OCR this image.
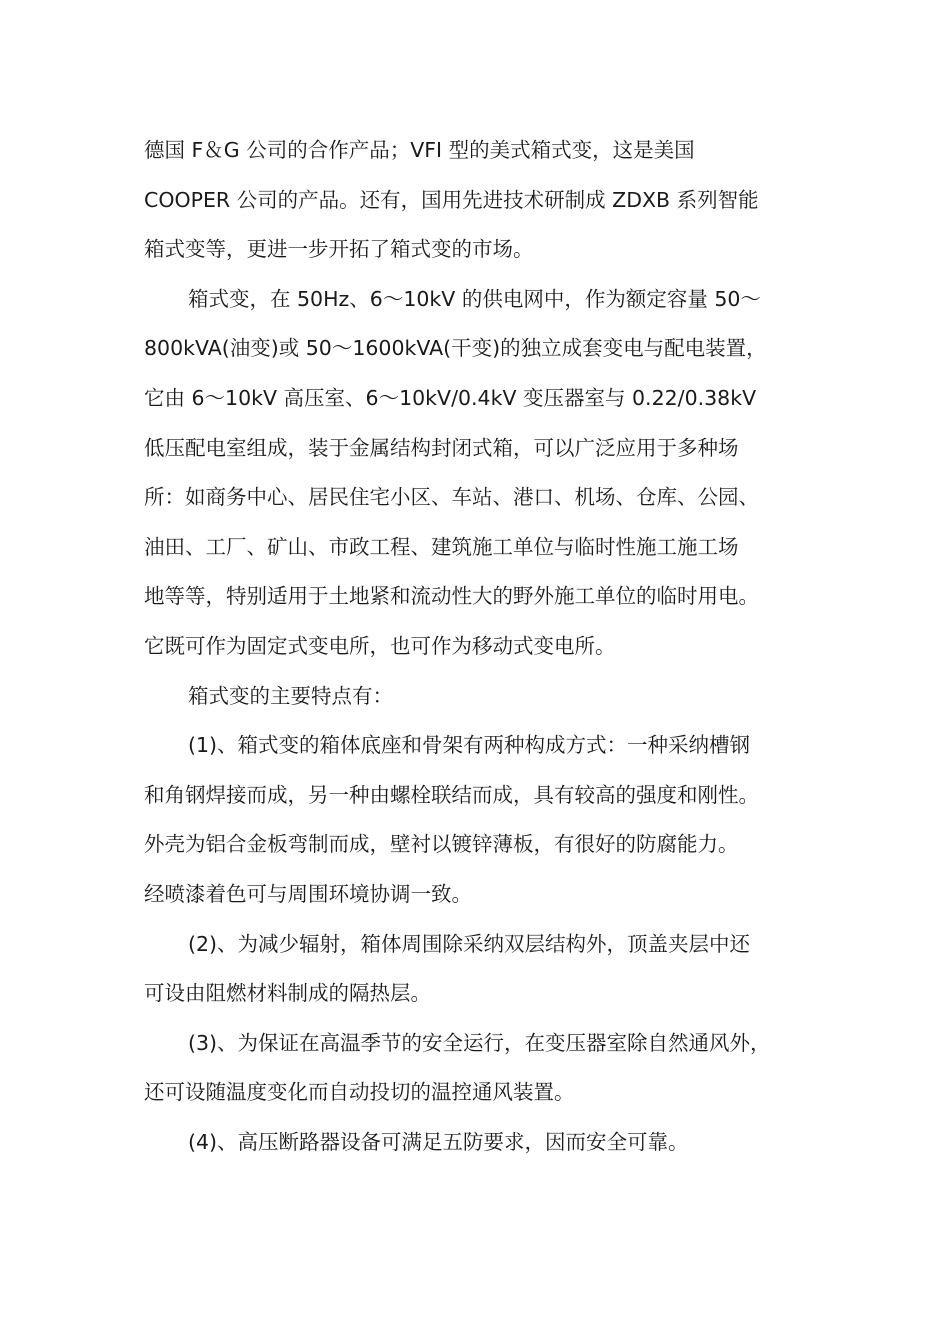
德国 F＆G 公司的合作产品；VFI 型的美式箱式变，这是美国
COOPER 公司的产品。还有，国用先进技术研制成 ZDXB 系列智能
箱式变等，更进一步开拓了箱式变的市场。
箱式变，在 50Hz、6～10kV 的供电网中，作为额定容量 50～
800kVA(油变)或 50～1600kVA(干变)的独立成套变电与配电装置，
它由 6～10kV 高压室、6～10kV/0.4kV 变压器室与 0.22/0.38kV
低压配电室组成，装于金属结构封闭式箱，可以广泛应用于多种场
所：如商务中心、居民住宅小区、车站、港口、机场、仓库、公园、
油田、工厂、矿山、市政工程、建筑施工单位与临时性施工施工场
地等等，特别适用于土地紧和流动性大的野外施工单位的临时用电。
它既可作为固定式变电所，也可作为移动式变电所。
箱式变的主要特点有：
(1)、箱式变的箱体底座和骨架有两种构成方式：一种采纳槽钢
和角钢焊接而成，另一种由螺栓联结而成，具有较高的强度和刚性。
外壳为铝合金板弯制而成，壁衬以镀锌薄板，有很好的防腐能力。
经喷漆着色可与周围环境协调一致。
(2)、为减少辐射，箱体周围除采纳双层结构外，顶盖夹层中还
可设由阻燃材料制成的隔热层。
(3)、为保证在高温季节的安全运行，在变压器室除自然通风外，
还可设随温度变化而自动投切的温控通风装置。
(4)、高压断路器设备可满足五防要求，因而安全可靠。
